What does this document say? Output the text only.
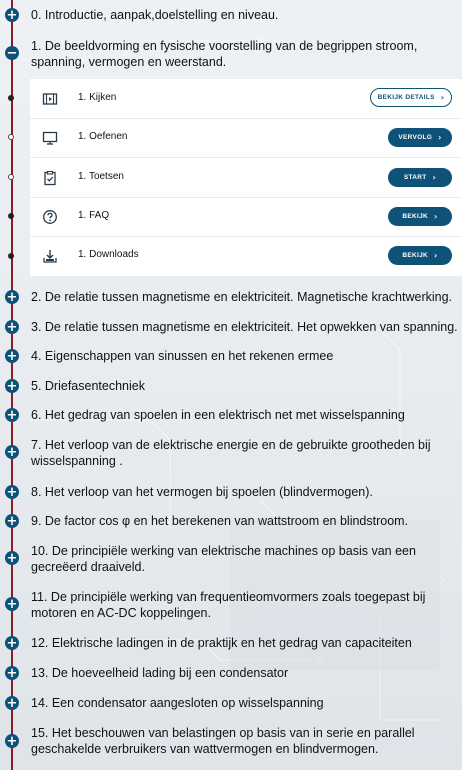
+ 0. Introductie, aanpak,doelstelling en niveau.
− 1. De beeldvorming en fysische voorstelling van de begrippen stroom, spanning, vermogen en weerstand.
1. Kijken	BEKIJK DETAILS ›
1. Oefenen	VERVOLG ›
1. Toetsen	START ›
1. FAQ	BEKIJK ›
1. Downloads	BEKIJK ›
+ 2. De relatie tussen magnetisme en elektriciteit. Magnetische krachtwerking.
+ 3. De relatie tussen magnetisme en elektriciteit. Het opwekken van spanning.
+ 4. Eigenschappen van sinussen en het rekenen ermee
+ 5. Driefasentechniek
+ 6. Het gedrag van spoelen in een elektrisch net met wisselspanning
+ 7. Het verloop van de elektrische energie en de gebruikte grootheden bij wisselspanning .
+ 8. Het verloop van het vermogen bij spoelen (blindvermogen).
+ 9. De factor cos φ en het berekenen van wattstroom en blindstroom.
+ 10. De principiële werking van elektrische machines op basis van een gecreëerd draaiveld.
+ 11. De principiële werking van frequentieomvormers zoals toegepast bij motoren en AC-DC koppelingen.
+ 12. Elektrische ladingen in de praktijk en het gedrag van capaciteiten
+ 13. De hoeveelheid lading bij een condensator
+ 14. Een condensator aangesloten op wisselspanning
+
15. Het beschouwen van belastingen op basis van in serie en parallel geschakelde verbruikers van wattvermogen en blindvermogen.
